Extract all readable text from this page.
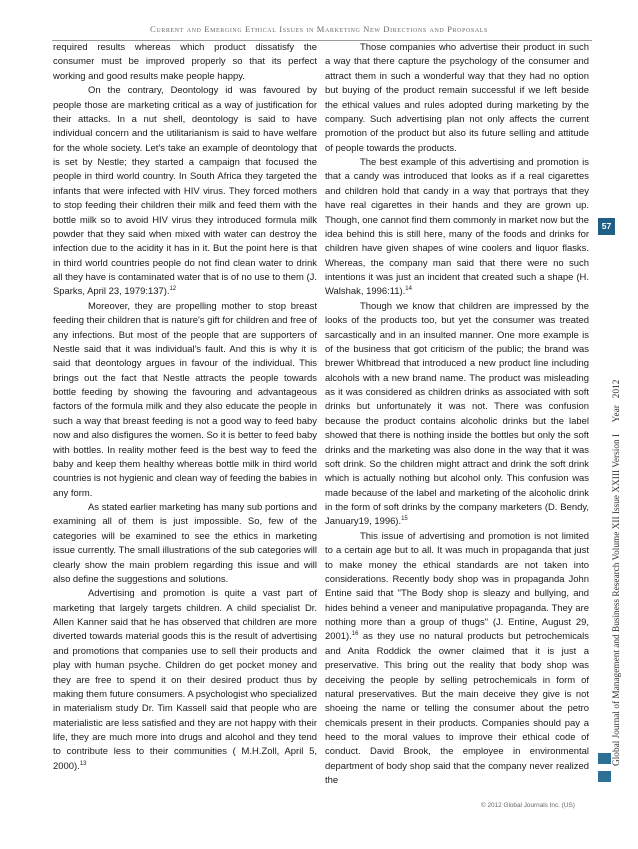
Current and Emerging Ethical Issues in Marketing New Directions and Proposals

required results whereas which product dissatisfy the consumer must be improved properly so that its perfect working and good results make people happy.

On the contrary, Deontology id was favoured by people those are marketing critical as a way of justification for their attacks. In a nut shell, deontology is said to have individual concern and the utilitarianism is said to have welfare for the whole society. Let's take an example of deontology that is set by Nestle; they started a campaign that focused the people in third world country. In South Africa they targeted the infants that were infected with HIV virus. They forced mothers to stop feeding their children their milk and feed them with the bottle milk so to avoid HIV virus they introduced formula milk powder that they said when mixed with water can destroy the infection due to the acidity it has in it. But the point here is that in third world countries people do not find clean water to drink all they have is contaminated water that is of no use to them (J. Sparks, April 23, 1979:137).$^{12}$

Moreover, they are propelling mother to stop breast feeding their children that is nature's gift for children and free of any infections. But most of the people that are supporters of Nestle said that it was individual's fault. And this is why it is said that deontology argues in favour of the individual. This brings out the fact that Nestle attracts the people towards bottle feeding by showing the favouring and advantageous factors of the formula milk and they also educate the people in such a way that breast feeding is not a good way to feed baby now and also disfigures the women. So it is better to feed baby with bottles. In reality mother feed is the best way to feed the baby and keep them healthy whereas bottle milk in third world countries is not hygienic and clean way of feeding the babies in any form.

As stated earlier marketing has many sub portions and examining all of them is just impossible. So, few of the categories will be examined to see the ethics in marketing issue currently. The small illustrations of the sub categories will clearly show the main problem regarding this issue and will also define the suggestions and solutions.

Advertising and promotion is quite a vast part of marketing that largely targets children. A child specialist Dr. Allen Kanner said that he has observed that children are more diverted towards material goods this is the result of advertising and promotions that companies use to sell their products and play with human psyche. Children do get pocket money and they are free to spend it on their desired product thus by making them future consumers. A psychologist who specialized in materialism study Dr. Tim Kassell said that people who are materialistic are less satisfied and they are not happy with their life, they are much more into drugs and alcohol and they tend to contribute less to their communities ( M.H.Zoll, April 5, 2000).$^{13}$

Those companies who advertise their product in such a way that there capture the psychology of the consumer and attract them in such a wonderful way that they had no option but buying of the product remain successful if we left beside the ethical values and rules adopted during marketing by the company. Such advertising plan not only affects the current promotion of the product but also its future selling and attitude of people towards the products.

The best example of this advertising and promotion is that a candy was introduced that looks as if a real cigarettes and children hold that candy in a way that portrays that they have real cigarettes in their hands and they are grown up. Though, one cannot find them commonly in market now but the idea behind this is still here, many of the foods and drinks for children have given shapes of wine coolers and liquor flasks. Whereas, the company man said that there were no such intentions it was just an incident that created such a shape (H. Walshak, 1996:11).$^{14}$

Though we know that children are impressed by the looks of the products too, but yet the consumer was treated sarcastically and in an insulted manner. One more example is of the business that got criticism of the public; the brand was brewer Whitbread that introduced a new product line including alcohols with a new brand name. The product was misleading as it was considered as children drinks as associated with soft drinks but unfortunately it was not. There was confusion because the product contains alcoholic drinks but the label showed that there is nothing inside the bottles but only the soft drinks and the marketing was also done in the way that it was soft drink. So the children might attract and drink the soft drink which is actually nothing but alcohol only. This confusion was made because of the label and marketing of the alcoholic drink in the form of soft drinks by the company marketers (D. Bendy, January19, 1996).$^{15}$

This issue of advertising and promotion is not limited to a certain age but to all. It was much in propaganda that just to make money the ethical standards are not taken into considerations. Recently body shop was in propaganda John Entine said that "The Body shop is sleazy and bullying, and hides behind a veneer and manipulative propaganda. They are nothing more than a group of thugs" (J. Entine, August 29, 2001).$^{16}$ as they use no natural products but petrochemicals and Anita Roddick the owner claimed that it is just a preservative. This bring out the reality that body shop was deceiving the people by selling petrochemicals in form of natural preservatives. But the main deceive they give is not shoeing the name or telling the consumer about the petro chemicals present in their products. Companies should pay a heed to the moral values to improve their ethical code of conduct. David Brook, the employee in environmental department of body shop said that the company never realized the

Global Journal of Management and Business Research Volume XII Issue XXIII Version I     Year   2012
57
© 2012 Global Journals Inc. (US)
